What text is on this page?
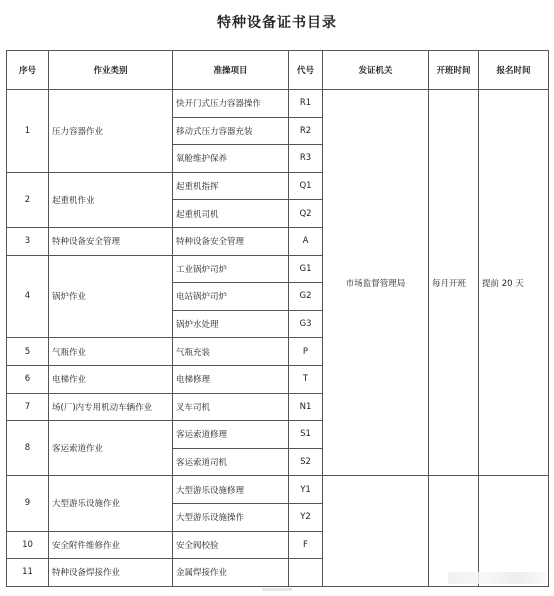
特种设备证书目录
序号	作业类别	准操项目	代号	发证机关	开班时间	报名时间
1	压力容器作业	快开门式压力容器操作	R1	市场监督管理局	每月开班	提前 20 天
		移动式压力容器充装	R2			
		氧舱维护保养	R3			
2	起重机作业	起重机指挥	Q1			
		起重机司机	Q2			
3	特种设备安全管理	特种设备安全管理	A			
4	锅炉作业	工业锅炉司炉	G1			
		电站锅炉司炉	G2			
		锅炉水处理	G3			
5	气瓶作业	气瓶充装	P			
6	电梯作业	电梯修理	T			
7	场(厂)内专用机动车辆作业	叉车司机	N1			
8	客运索道作业	客运索道修理	S1			
		客运索道司机	S2			
9	大型游乐设施作业	大型游乐设施修理	Y1			
		大型游乐设施操作	Y2			
10	安全附件维修作业	安全阀校验	F			
11	特种设备焊接作业	金属焊接作业				
